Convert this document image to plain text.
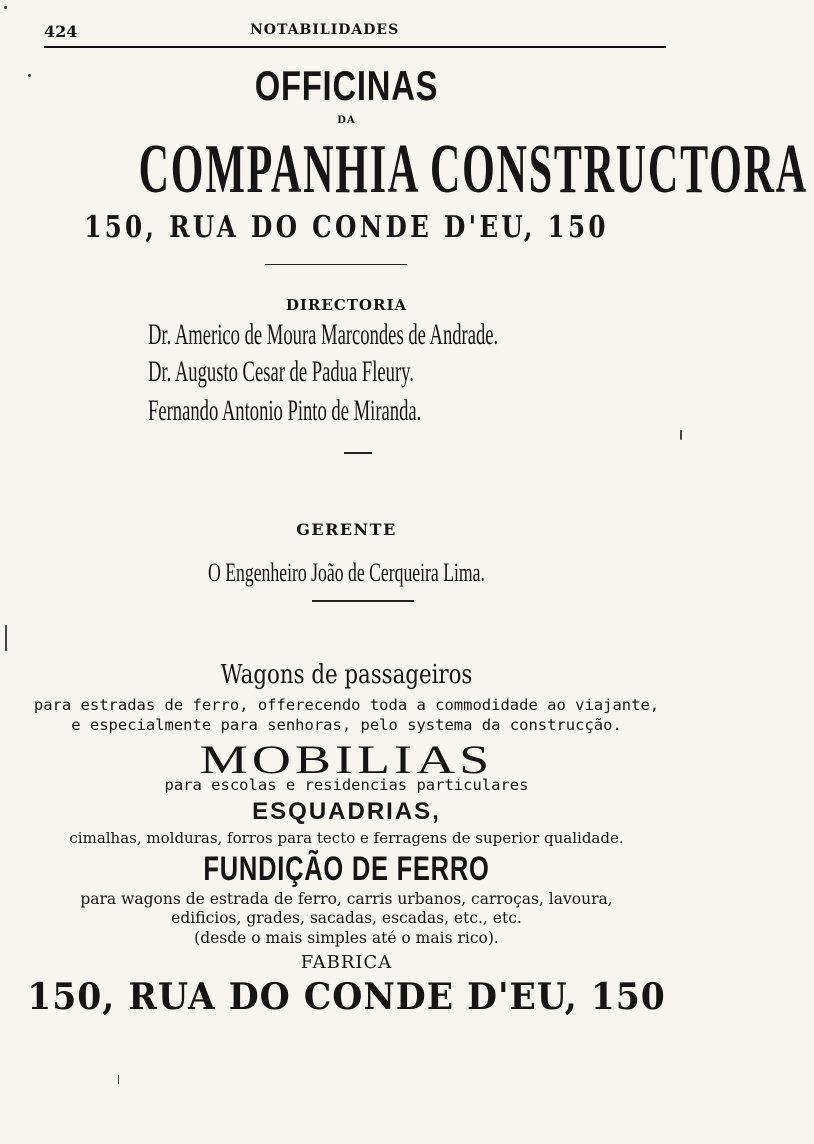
424	NOTABILIDADES
OFFICINAS
DA
COMPANHIA CONSTRUCTORA
150, RUA DO CONDE D'EU, 150
DIRECTORIA
Dr. Americo de Moura Marcondes de Andrade.
Dr. Augusto Cesar de Padua Fleury.
Fernando Antonio Pinto de Miranda.
GERENTE
O Engenheiro João de Cerqueira Lima.
Wagons de passageiros
para estradas de ferro, offerecendo toda a commodidade ao viajante,
e especialmente para senhoras, pelo systema da construcção.
MOBILIAS
para escolas e residencias particulares
ESQUADRIAS,
cimalhas, molduras, forros para tecto e ferragens de superior qualidade.
FUNDIÇÃO DE FERRO
para wagons de estrada de ferro, carris urbanos, carroças, lavoura,
edificios, grades, sacadas, escadas, etc., etc.
(desde o mais simples até o mais rico).
FABRICA
150, RUA DO CONDE D'EU, 150
